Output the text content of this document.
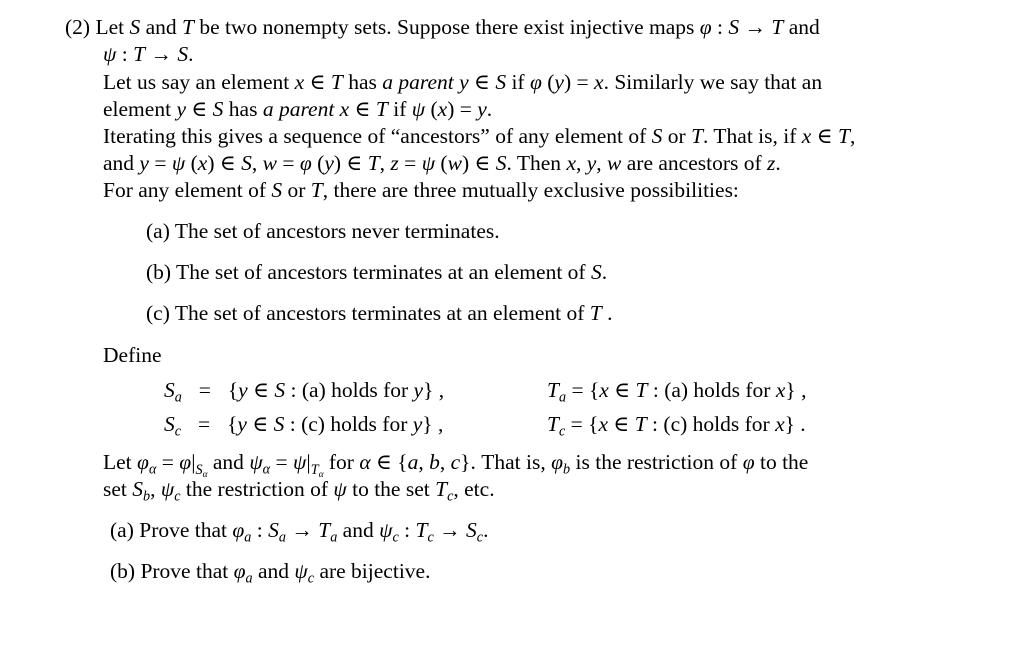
(2) Let S and T be two nonempty sets. Suppose there exist injective maps φ : S → T and
ψ : T → S.
Let us say an element x ∈ T has a parent y ∈ S if φ (y) = x. Similarly we say that an
element y ∈ S has a parent x ∈ T if ψ (x) = y.
Iterating this gives a sequence of “ancestors” of any element of S or T. That is, if x ∈ T,
and y = ψ (x) ∈ S, w = φ (y) ∈ T, z = ψ (w) ∈ S. Then x, y, w are ancestors of z.
For any element of S or T, there are three mutually exclusive possibilities:
(a) The set of ancestors never terminates.
(b) The set of ancestors terminates at an element of S.
(c) The set of ancestors terminates at an element of T .
Define
$S_a = \{y$ ∈ S : (a) holds for y} ,	$T_a = \{x$ ∈ T : (a) holds for x} ,
$S_c = \{y$ ∈ S : (c) holds for y} ,	$T_c = \{x$ ∈ T : (c) holds for x} .
Let $\varphi_\alpha = \varphi|_{S_\alpha}$ and $\psi_\alpha = \psi|_{T_\alpha}$ for α ∈ {a, b, c}. That is, $\varphi_b$ is the restriction of φ to the
set $S_b$, $\psi_c$ the restriction of ψ to the set $T_c$, etc.
(a) Prove that $\varphi_a$ : $S_a \to T_a$ and $\psi_c$ : $T_c \to S_c$.
(b) Prove that $\varphi_a$ and $\psi_c$ are bijective.
